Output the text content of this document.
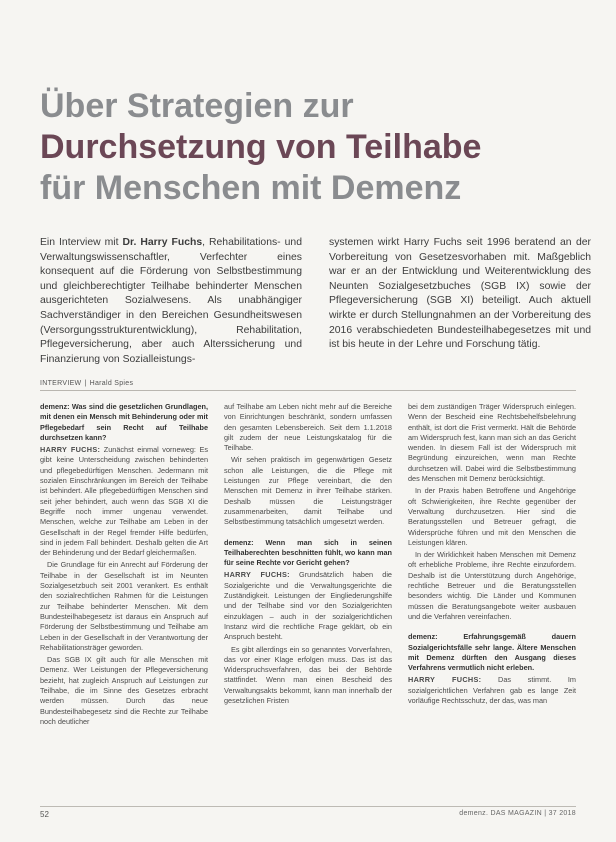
Über Strategien zur
Durchsetzung von Teilhabe
für Menschen mit Demenz

Ein Interview mit Dr. Harry Fuchs, Rehabilitations- und Verwaltungswissenschaftler, Verfechter eines konsequent auf die Förderung von Selbstbestimmung und gleichberechtigter Teilhabe behinderter Menschen ausgerichteten Sozialwesens. Als unabhängiger Sachverständiger in den Bereichen Gesundheitswesen (Versorgungsstrukturentwicklung), Rehabilitation, Pflegeversicherung, aber auch Alterssicherung und Finanzierung von Sozialleistungs-

systemen wirkt Harry Fuchs seit 1996 beratend an der Vorbereitung von Gesetzesvorhaben mit. Maßgeblich war er an der Entwicklung und Weiterentwicklung des Neunten Sozialgesetzbuches (SGB IX) sowie der Pflegeversicherung (SGB XI) beteiligt. Auch aktuell wirkte er durch Stellungnahmen an der Vorbereitung des 2016 verabschiedeten Bundesteilhabegesetzes mit und ist bis heute in der Lehre und Forschung tätig.

INTERVIEW | Harald Spies

demenz: Was sind die gesetzlichen Grundlagen, mit denen ein Mensch mit Behinderung oder mit Pflegebedarf sein Recht auf Teilhabe durchsetzen kann?

HARRY FUCHS: Zunächst einmal vorneweg: Es gibt keine Unterscheidung zwischen behinderten und pflegebedürftigen Menschen. Jedermann mit sozialen Einschränkungen im Bereich der Teilhabe ist behindert. Alle pflegebedürftigen Menschen sind seit jeher behindert, auch wenn das SGB XI die Begriffe noch immer ungenau verwendet. Menschen, welche zur Teilhabe am Leben in der Gesellschaft in der Regel fremder Hilfe bedürfen, sind in jedem Fall behindert. Deshalb gelten die Art der Behinderung und der Bedarf gleichermaßen.

Die Grundlage für ein Anrecht auf Förderung der Teilhabe in der Gesellschaft ist im Neunten Sozialgesetzbuch seit 2001 verankert. Es enthält den sozialrechtlichen Rahmen für die Leistungen zur Teilhabe behinderter Menschen. Mit dem Bundesteilhabegesetz ist daraus ein Anspruch auf Förderung der Selbstbestimmung und Teilhabe am Leben in der Gesellschaft in der Verantwortung der Rehabilitationsträger geworden.

Das SGB IX gilt auch für alle Menschen mit Demenz. Wer Leistungen der Pflegeversicherung bezieht, hat zugleich Anspruch auf Leistungen zur Teilhabe, die im Sinne des Gesetzes erbracht werden müssen. Durch das neue Bundesteilhabegesetz sind die Rechte zur Teilhabe noch deutlicher

auf Teilhabe am Leben nicht mehr auf die Bereiche von Einrichtungen beschränkt, sondern umfassen den gesamten Lebensbereich. Seit dem 1.1.2018 gilt zudem der neue Leistungskatalog für die Teilhabe.

Wir sehen praktisch im gegenwärtigen Gesetz schon alle Leistungen, die die Pflege mit Leistungen zur Pflege vereinbart, die den Menschen mit Demenz in ihrer Teilhabe stärken. Deshalb müssen die Leistungsträger zusammenarbeiten, damit Teilhabe und Selbstbestimmung tatsächlich umgesetzt werden.

demenz: Wenn man sich in seinen Teilhaberechten beschnitten fühlt, wo kann man für seine Rechte vor Gericht gehen?

HARRY FUCHS: Grundsätzlich haben die Sozialgerichte und die Verwaltungsgerichte die Zuständigkeit. Leistungen der Eingliederungshilfe und der Teilhabe sind vor den Sozialgerichten einzuklagen – auch in der sozialgerichtlichen Instanz wird die rechtliche Frage geklärt, ob ein Anspruch besteht.

Es gibt allerdings ein so genanntes Vorverfahren, das vor einer Klage erfolgen muss. Das ist das Widerspruchsverfahren, das bei der Behörde stattfindet. Wenn man einen Bescheid des Verwaltungsakts bekommt, kann man innerhalb der gesetzlichen Fristen

bei dem zuständigen Träger Widerspruch einlegen. Wenn der Bescheid eine Rechtsbehelfsbelehrung enthält, ist dort die Frist vermerkt. Hält die Behörde am Widerspruch fest, kann man sich an das Gericht wenden. In diesem Fall ist der Widerspruch mit Begründung einzureichen, wenn man Rechte durchsetzen will. Dabei wird die Selbstbestimmung des Menschen mit Demenz berücksichtigt.

In der Praxis haben Betroffene und Angehörige oft Schwierigkeiten, ihre Rechte gegenüber der Verwaltung durchzusetzen. Hier sind die Beratungsstellen und Betreuer gefragt, die Widersprüche führen und mit den Menschen die Leistungen klären.

In der Wirklichkeit haben Menschen mit Demenz oft erhebliche Probleme, ihre Rechte einzufordern. Deshalb ist die Unterstützung durch Angehörige, rechtliche Betreuer und die Beratungsstellen besonders wichtig. Die Länder und Kommunen müssen die Beratungsangebote weiter ausbauen und die Verfahren vereinfachen.

demenz: Erfahrungsgemäß dauern Sozialgerichtsfälle sehr lange. Ältere Menschen mit Demenz dürften den Ausgang dieses Verfahrens vermutlich nicht erleben.

HARRY FUCHS: Das stimmt. Im sozialgerichtlichen Verfahren gab es lange Zeit vorläufige Rechtsschutz, der das, was man

52	demenz. DAS MAGAZIN | 37 2018
